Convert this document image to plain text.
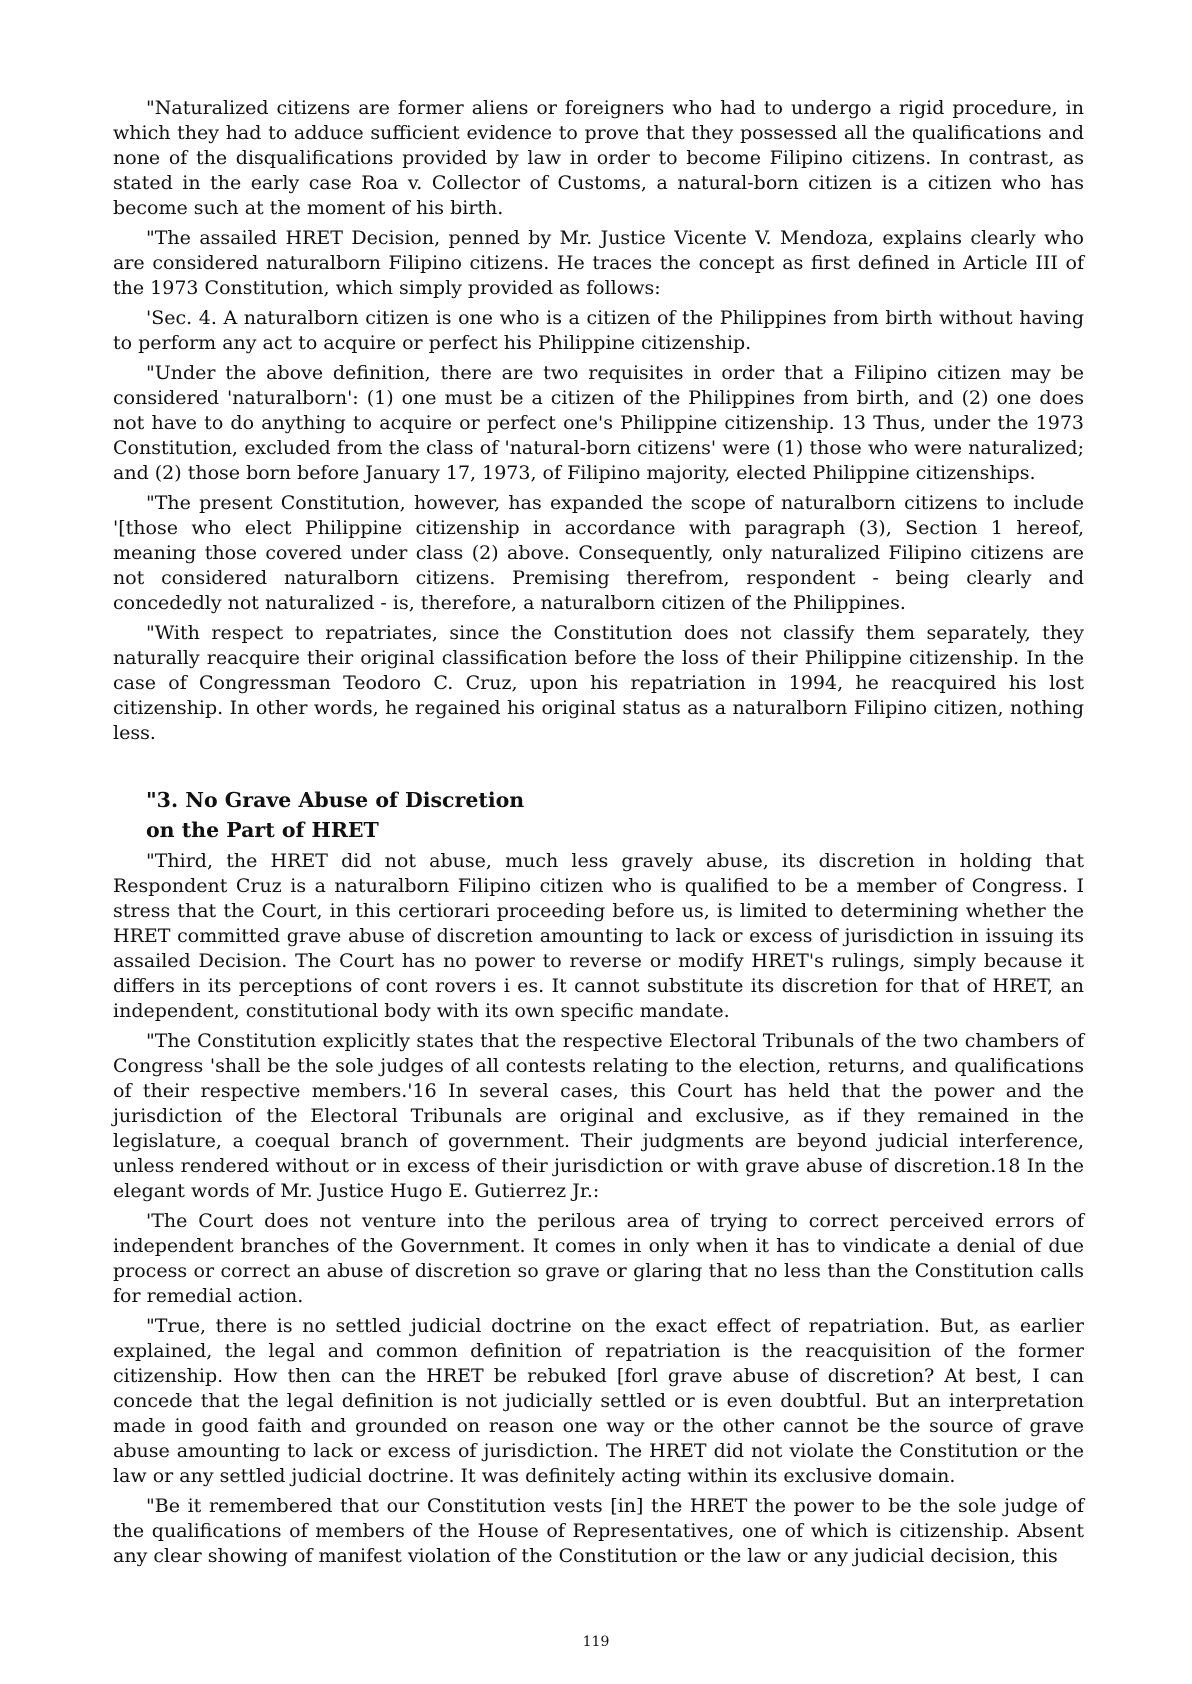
"Naturalized citizens are former aliens or foreigners who had to undergo a rigid procedure, in which they had to adduce sufficient evidence to prove that they possessed all the qualifications and none of the disqualifications provided by law in order to become Filipino citizens. In contrast, as stated in the early case Roa v. Collector of Customs, a natural-born citizen is a citizen who has become such at the moment of his birth.

"The assailed HRET Decision, penned by Mr. Justice Vicente V. Mendoza, explains clearly who are considered naturalborn Filipino citizens. He traces the concept as first defined in Article III of the 1973 Constitution, which simply provided as follows:

'Sec. 4. A naturalborn citizen is one who is a citizen of the Philippines from birth without having to perform any act to acquire or perfect his Philippine citizenship.

"Under the above definition, there are two requisites in order that a Filipino citizen may be considered 'naturalborn': (1) one must be a citizen of the Philippines from birth, and (2) one does not have to do anything to acquire or perfect one's Philippine citizenship. 13 Thus, under the 1973 Constitution, excluded from the class of 'natural-born citizens' were (1) those who were naturalized; and (2) those born before January 17, 1973, of Filipino majority, elected Philippine citizenships.

"The present Constitution, however, has expanded the scope of naturalborn citizens to include '[those who elect Philippine citizenship in accordance with paragraph (3), Section 1 hereof, meaning those covered under class (2) above. Consequently, only naturalized Filipino citizens are not considered naturalborn citizens. Premising therefrom, respondent - being clearly and concededly not naturalized - is, therefore, a naturalborn citizen of the Philippines.

"With respect to repatriates, since the Constitution does not classify them separately, they naturally reacquire their original classification before the loss of their Philippine citizenship. In the case of Congressman Teodoro C. Cruz, upon his repatriation in 1994, he reacquired his lost citizenship. In other words, he regained his original status as a naturalborn Filipino citizen, nothing less.

"3. No Grave Abuse of Discretion
on the Part of HRET

"Third, the HRET did not abuse, much less gravely abuse, its discretion in holding that Respondent Cruz is a naturalborn Filipino citizen who is qualified to be a member of Congress. I stress that the Court, in this certiorari proceeding before us, is limited to determining whether the HRET committed grave abuse of discretion amounting to lack or excess of jurisdiction in issuing its assailed Decision. The Court has no power to reverse or modify HRET's rulings, simply because it differs in its perceptions of cont rovers i es. It cannot substitute its discretion for that of HRET, an independent, constitutional body with its own specific mandate.

"The Constitution explicitly states that the respective Electoral Tribunals of the two chambers of Congress 'shall be the sole judges of all contests relating to the election, returns, and qualifications of their respective members.'16 In several cases, this Court has held that the power and the jurisdiction of the Electoral Tribunals are original and exclusive, as if they remained in the legislature, a coequal branch of government. Their judgments are beyond judicial interference, unless rendered without or in excess of their jurisdiction or with grave abuse of discretion.18 In the elegant words of Mr. Justice Hugo E. Gutierrez Jr.:

'The Court does not venture into the perilous area of trying to correct perceived errors of independent branches of the Government. It comes in only when it has to vindicate a denial of due process or correct an abuse of discretion so grave or glaring that no less than the Constitution calls for remedial action.

"True, there is no settled judicial doctrine on the exact effect of repatriation. But, as earlier explained, the legal and common definition of repatriation is the reacquisition of the former citizenship. How then can the HRET be rebuked [forl grave abuse of discretion? At best, I can concede that the legal definition is not judicially settled or is even doubtful. But an interpretation made in good faith and grounded on reason one way or the other cannot be the source of grave abuse amounting to lack or excess of jurisdiction. The HRET did not violate the Constitution or the law or any settled judicial doctrine. It was definitely acting within its exclusive domain.

"Be it remembered that our Constitution vests [in] the HRET the power to be the sole judge of the qualifications of members of the House of Representatives, one of which is citizenship. Absent any clear showing of manifest violation of the Constitution or the law or any judicial decision, this

119
